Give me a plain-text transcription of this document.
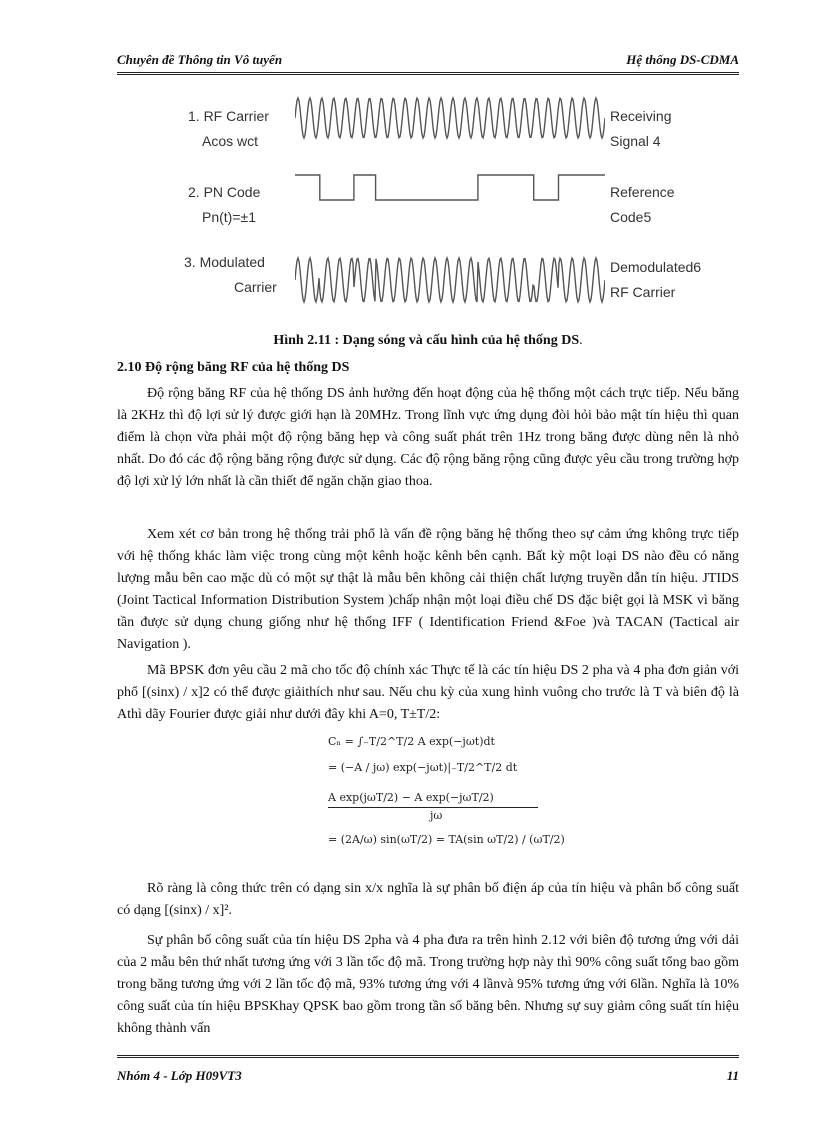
Chuyên đề Thông tin Vô tuyến	Hệ thống DS-CDMA
1. RF Carrier
Acos wct
2. PN Code
Pn(t)=±1
3. Modulated
Carrier
Receiving
Signal 4
Reference
Code5
Demodulated6
RF Carrier
Hình 2.11 : Dạng sóng và cấu hình của hệ thống DS.
2.10 Độ rộng băng RF của hệ thống DS

Độ rộng băng RF của hệ thống DS ảnh hưởng đến hoạt động của hệ thống một cách trực tiếp. Nếu băng là 2KHz thì độ lợi sử lý được giới hạn là 20MHz. Trong lĩnh vực ứng dụng đòi hỏi bảo mật tín hiệu thì quan điểm là chọn vừa phải một độ rộng băng hẹp và công suất phát trên 1Hz trong băng được dùng nên là nhỏ nhất. Do đó các độ rộng băng rộng được sử dụng. Các độ rộng băng rộng cũng được yêu cầu trong trường hợp độ lợi xử lý lớn nhất là cần thiết để ngăn chặn giao thoa.

Xem xét cơ bản trong hệ thống trải phổ là vấn đề rộng băng hệ thống theo sự cảm ứng không trực tiếp với hệ thống khác làm việc trong cùng một kênh hoặc kênh bên cạnh. Bất kỳ một loại DS nào đều có năng lượng mẫu bên cao mặc dù có một sự thật là mẫu bên không cải thiện chất lượng truyền dẫn tín hiệu. JTIDS (Joint Tactical Information Distribution System )chấp nhận một loại điều chế DS đặc biệt gọi là MSK vì băng tần được sử dụng chung giống như hệ thống IFF ( Identification Friend &Foe )và TACAN (Tactical air Navigation ).

Mã BPSK đơn yêu cầu 2 mã cho tốc độ chính xác Thực tế là các tín hiệu DS 2 pha và 4 pha đơn giản với phổ [(sinx) / x]2 có thể được giảithích như sau. Nếu chu kỳ của xung hình vuông cho trước là T và biên độ là Athì dãy Fourier được giải như dưới đây khi A=0, T±T/2:

Cₙ = ∫₋T/2^T/2 A exp(−jωt)dt
= (−A / jω) exp(−jωt)|₋T/2^T/2 dt
A exp(jωT/2) − A exp(−jωT/2)
jω
= (2A/ω) sin(ωT/2) = TA(sin ωT/2) / (ωT/2)

Rõ ràng là công thức trên có dạng sin x/x nghĩa là sự phân bố điện áp của tín hiệu và phân bố công suất có dạng [(sinx) / x]².

Sự phân bố công suất của tín hiệu DS 2pha và 4 pha đưa ra trên hình 2.12 với biên độ tương ứng với dải của 2 mẫu bên thứ nhất tương ứng với 3 lần tốc độ mã. Trong trường hợp này thì 90% công suất tổng bao gồm trong băng tương ứng với 2 lần tốc độ mã, 93% tương ứng với 4 lầnvà 95% tương ứng với 6lần. Nghĩa là 10% công suất của tín hiệu BPSKhay QPSK bao gồm trong tần số băng bên. Nhưng sự suy giảm công suất tín hiệu không thành vấn

Nhóm 4 - Lớp H09VT3	11
